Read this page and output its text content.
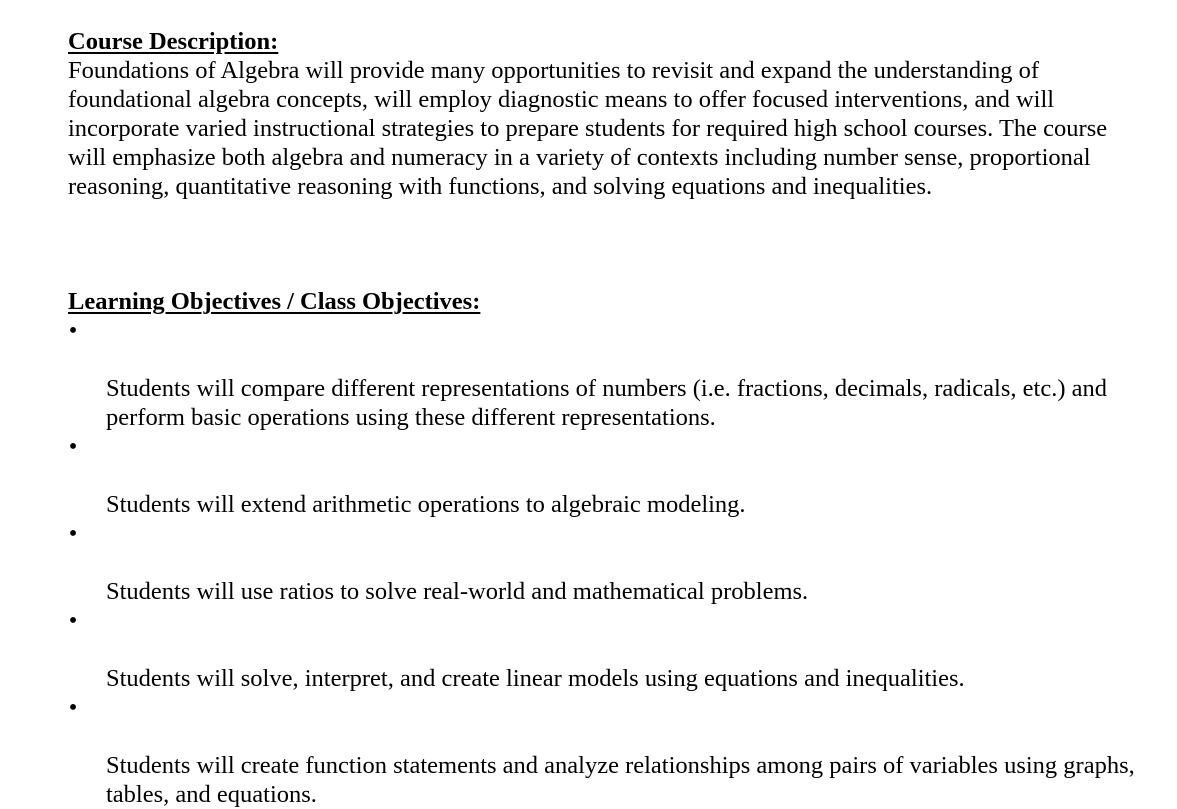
Course Description:

Foundations of Algebra will provide many opportunities to revisit and expand the understanding of
foundational algebra concepts, will employ diagnostic means to offer focused interventions, and will
incorporate varied instructional strategies to prepare students for required high school courses. The course
will emphasize both algebra and numeracy in a variety of contexts including number sense, proportional
reasoning, quantitative reasoning with functions, and solving equations and inequalities.

Learning Objectives / Class Objectives:

•

Students will compare different representations of numbers (i.e. fractions, decimals, radicals, etc.) and
perform basic operations using these different representations.

•

Students will extend arithmetic operations to algebraic modeling.

•

Students will use ratios to solve real-world and mathematical problems.

•

Students will solve, interpret, and create linear models using equations and inequalities.

•

Students will create function statements and analyze relationships among pairs of variables using graphs,
tables, and equations.
